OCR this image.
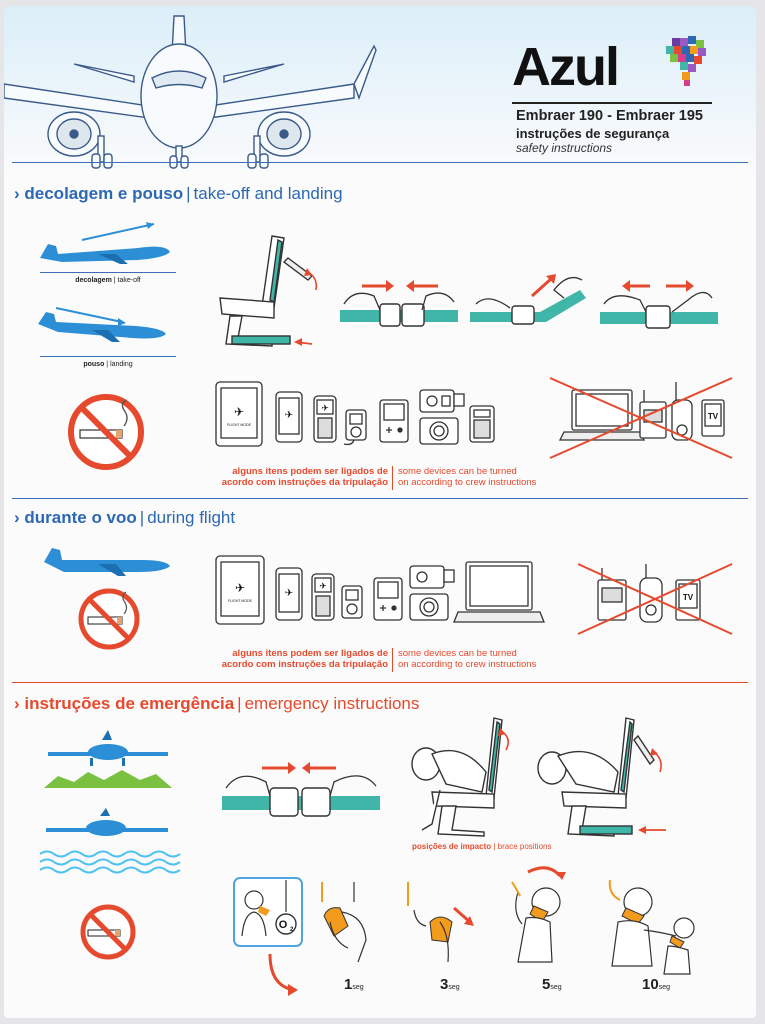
Azul
Embraer 190 - Embraer 195
instruções de segurança
safety instructions
› decolagem e pouso | take-off and landing
decolagem | take-off
pouso | landing
✈
FLIGHT MODE
✈
✈
TV
alguns itens podem ser ligados de
acordo com instruções da tripulação
some devices can be turned
on according to crew instructions
› durante o voo | during flight
✈
FLIGHT MODE
✈
✈
TV
alguns itens podem ser ligados de
acordo com instruções da tripulação
some devices can be turned
on according to crew instructions
› instruções de emergência | emergency instructions
posições de impacto | brace positions
O 2
1seg	3seg	5seg	10seg
